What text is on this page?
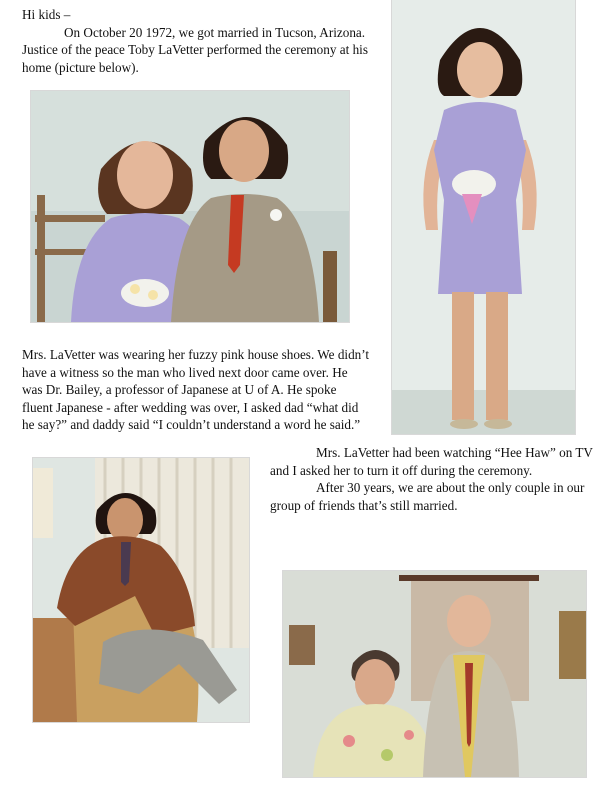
Hi kids –

On October 20 1972, we got married in Tucson, Arizona. Justice of the peace Toby LaVetter performed the ceremony at his home (picture below).

Mrs. LaVetter was wearing her fuzzy pink house shoes. We didn’t have a witness so the man who lived next door came over. He was Dr. Bailey, a professor of Japanese at U of A. He spoke fluent Japanese - after wedding was over, I asked dad “what did he say?” and daddy said “I couldn’t understand a word he said.”

Mrs. LaVetter had been watching “Hee Haw” on TV and I asked her to turn it off during the ceremony.

After 30 years, we are about the only couple in our group of friends that’s still married.
